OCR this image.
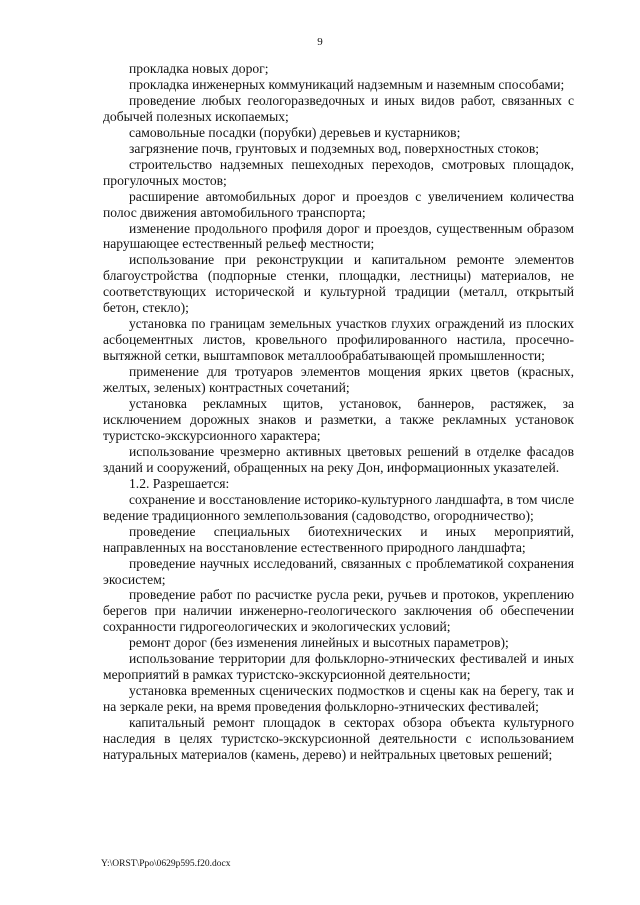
9

прокладка новых дорог;

прокладка инженерных коммуникаций надземным и наземным способами;

проведение любых геологоразведочных и иных видов работ, связанных с добычей полезных ископаемых;

самовольные посадки (порубки) деревьев и кустарников;

загрязнение почв, грунтовых и подземных вод, поверхностных стоков;

строительство надземных пешеходных переходов, смотровых площадок, прогулочных мостов;

расширение автомобильных дорог и проездов с увеличением количества полос движения автомобильного транспорта;

изменение продольного профиля дорог и проездов, существенным образом нарушающее естественный рельеф местности;

использование при реконструкции и капитальном ремонте элементов благоустройства (подпорные стенки, площадки, лестницы) материалов, не соответствующих исторической и культурной традиции (металл, открытый бетон, стекло);

установка по границам земельных участков глухих ограждений из плоских асбоцементных листов, кровельного профилированного настила, просечно-вытяжной сетки, выштамповок металлообрабатывающей промышленности;

применение для тротуаров элементов мощения ярких цветов (красных, желтых, зеленых) контрастных сочетаний;

установка рекламных щитов, установок, баннеров, растяжек, за исключением дорожных знаков и разметки, а также рекламных установок туристско-экскурсионного характера;

использование чрезмерно активных цветовых решений в отделке фасадов зданий и сооружений, обращенных на реку Дон, информационных указателей.

1.2. Разрешается:

сохранение и восстановление историко-культурного ландшафта, в том числе ведение традиционного землепользования (садоводство, огородничество);

проведение специальных биотехнических и иных мероприятий, направленных на восстановление естественного природного ландшафта;

проведение научных исследований, связанных с проблематикой сохранения экосистем;

проведение работ по расчистке русла реки, ручьев и протоков, укреплению берегов при наличии инженерно-геологического заключения об обеспечении сохранности гидрогеологических и экологических условий;

ремонт дорог (без изменения линейных и высотных параметров);

использование территории для фольклорно-этнических фестивалей и иных мероприятий в рамках туристско-экскурсионной деятельности;

установка временных сценических подмостков и сцены как на берегу, так и на зеркале реки, на время проведения фольклорно-этнических фестивалей;

капитальный ремонт площадок в секторах обзора объекта культурного наследия в целях туристско-экскурсионной деятельности с использованием натуральных материалов (камень, дерево) и нейтральных цветовых решений;

Y:\ORST\Ppo\0629p595.f20.docx
